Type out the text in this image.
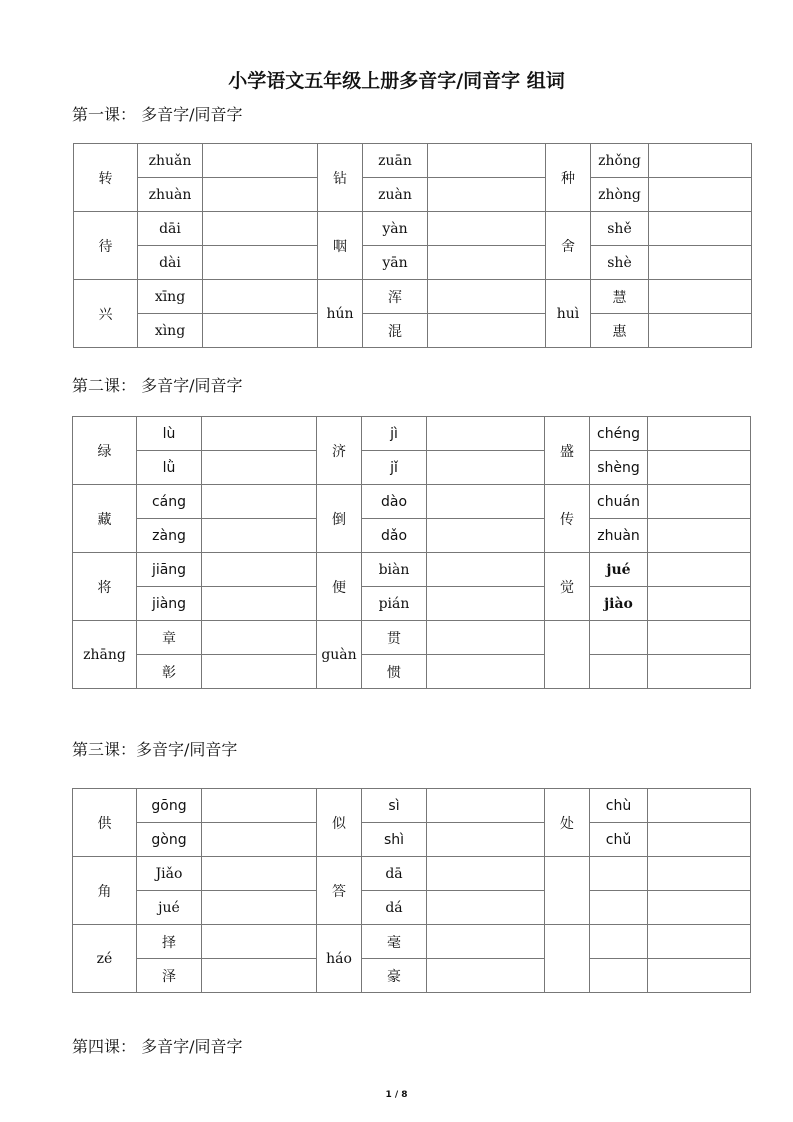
小学语文五年级上册多音字/同音字 组词
第一课： 多音字/同音字
转	zhuǎn		钻	zuān		种	zhǒng	
	zhuàn			zuàn			zhòng	
待	dāi		咽	yàn		舍	shě	
	dài			yān			shè	
兴	xīng		hún	浑		huì	慧	
	xìng			混			惠	
第二课： 多音字/同音字
绿	lù		济	jì		盛	chéng	
	lǜ			jǐ			shèng	
藏	cáng		倒	dào		传	chuán	
	zàng			dǎo			zhuàn	
将	jiāng		便	biàn		觉	jué	
	jiàng			pián			jiào	
zhāng	章		guàn	贯				
	彰			惯				
第三课：多音字/同音字
供	gōng		似	sì		处	chù	
	gòng			shì			chǔ	
角	Jiǎo		答	dā				
	jué			dá				
zé	择		háo	毫				
	泽			豪				
第四课： 多音字/同音字
1 / 8
